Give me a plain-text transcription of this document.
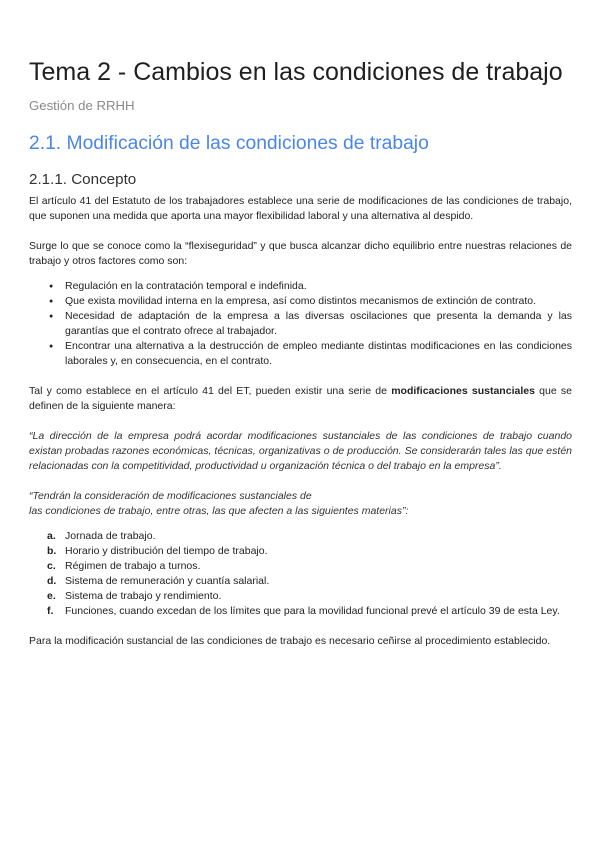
Tema 2 - Cambios en las condiciones de trabajo
Gestión de RRHH
2.1. Modificación de las condiciones de trabajo
2.1.1. Concepto

El artículo 41 del Estatuto de los trabajadores establece una serie de modificaciones de las condiciones de trabajo, que suponen una medida que aporta una mayor flexibilidad laboral y una alternativa al despido.

Surge lo que se conoce como la “flexiseguridad” y que busca alcanzar dicho equilibrio entre nuestras relaciones de trabajo y otros factores como son:

● Regulación en la contratación temporal e indefinida.
● Que exista movilidad interna en la empresa, así como distintos mecanismos de extinción de contrato.
● Necesidad de adaptación de la empresa a las diversas oscilaciones que presenta la demanda y las garantías que el contrato ofrece al trabajador.
● Encontrar una alternativa a la destrucción de empleo mediante distintas modificaciones en las condiciones laborales y, en consecuencia, en el contrato.

Tal y como establece en el artículo 41 del ET, pueden existir una serie de modificaciones sustanciales que se definen de la siguiente manera:

“La dirección de la empresa podrá acordar modificaciones sustanciales de las condiciones de trabajo cuando existan probadas razones económicas, técnicas, organizativas o de producción. Se considerarán tales las que estén relacionadas con la competitividad, productividad u organización técnica o del trabajo en la empresa”.

“Tendrán la consideración de modificaciones sustanciales de
las condiciones de trabajo, entre otras, las que afecten a las siguientes materias”:

a. Jornada de trabajo.
b. Horario y distribución del tiempo de trabajo.
c. Régimen de trabajo a turnos.
d. Sistema de remuneración y cuantía salarial.
e. Sistema de trabajo y rendimiento.
f. Funciones, cuando excedan de los límites que para la movilidad funcional prevé el artículo 39 de esta Ley.

Para la modificación sustancial de las condiciones de trabajo es necesario ceñirse al procedimiento establecido.
